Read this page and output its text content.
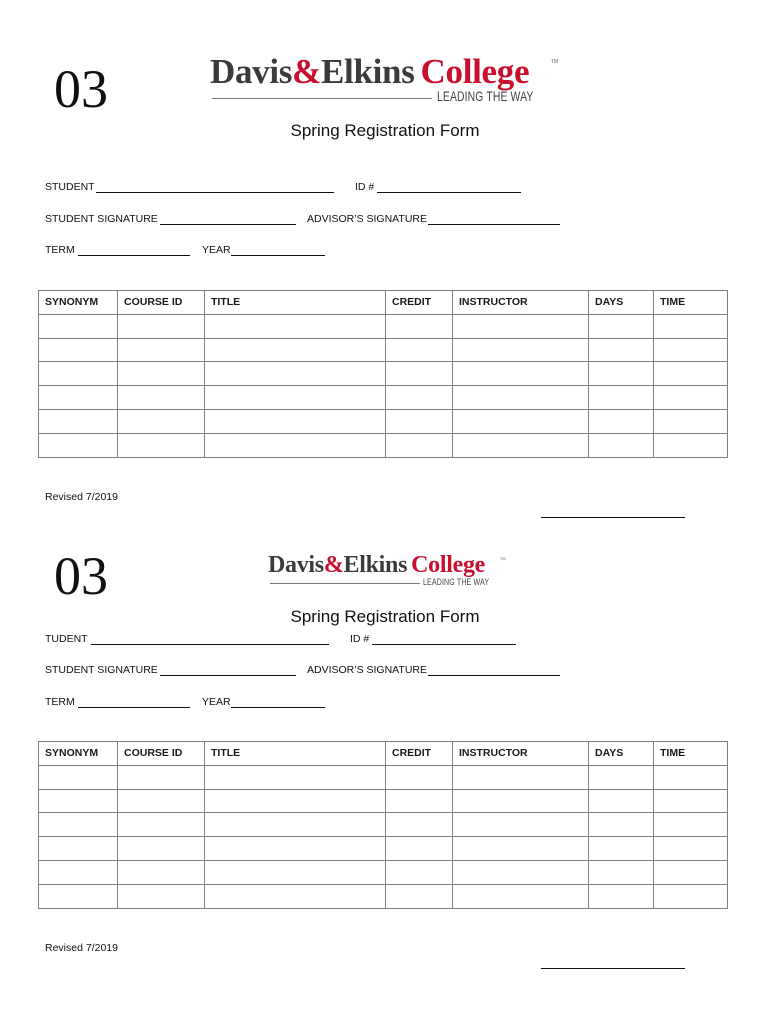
03	Davis&Elkins College	TM
LEADING THE WAY
Spring Registration Form
STUDENT	ID #
STUDENT SIGNATURE	ADVISOR’S SIGNATURE
TERM	YEAR
SYNONYM	COURSE ID	TITLE	CREDIT	INSTRUCTOR	DAYS	TIME

Revised 7/2019
03	Davis&Elkins College	TM
LEADING THE WAY
Spring Registration Form
TUDENT	ID #
STUDENT SIGNATURE	ADVISOR’S SIGNATURE
TERM	YEAR
SYNONYM	COURSE ID	TITLE	CREDIT	INSTRUCTOR	DAYS	TIME

Revised 7/2019
